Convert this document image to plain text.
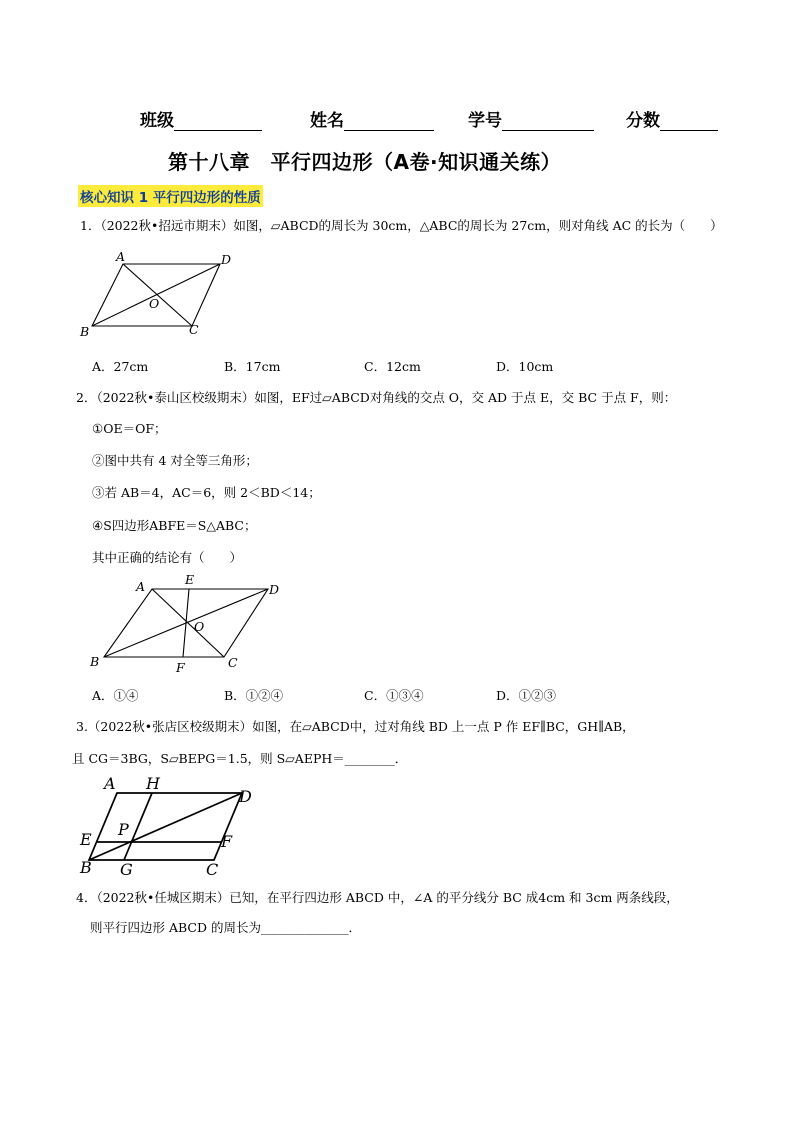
班级	姓名	学号	分数
第十八章　平行四边形（A卷·知识通关练）
核心知识 1 平行四边形的性质
1．（2022秋•招远市期末）如图，▱ABCD的周长为 30cm，△ABC的周长为 27cm，则对角线 AC 的长为（　　）
A	D
O
B	C
A．27cm	B．17cm	C．12cm	D．10cm
2．（2022秋•泰山区校级期末）如图，EF过▱ABCD对角线的交点 O，交 AD 于点 E，交 BC 于点 F，则：
①OE＝OF；
②图中共有 4 对全等三角形；
③若 AB＝4，AC＝6，则 2＜BD＜14；
④S四边形ABFE＝S△ABC；
其中正确的结论有（　　）
A	E
D
O
B	F	C
A．①④	B．①②④	C．①③④	D．①②③
3.（2022秋•张店区校级期末）如图，在▱ABCD中，过对角线 BD 上一点 P 作 EF∥BC，GH∥AB，
且 CG＝3BG，S▱BEPG＝1.5，则 S▱AEPH＝________．
A H
D
E
P
F
B G	C
4．（2022秋•任城区期末）已知，在平行四边形 ABCD 中，∠A 的平分线分 BC 成4cm 和 3cm 两条线段，
则平行四边形 ABCD 的周长为______________．
